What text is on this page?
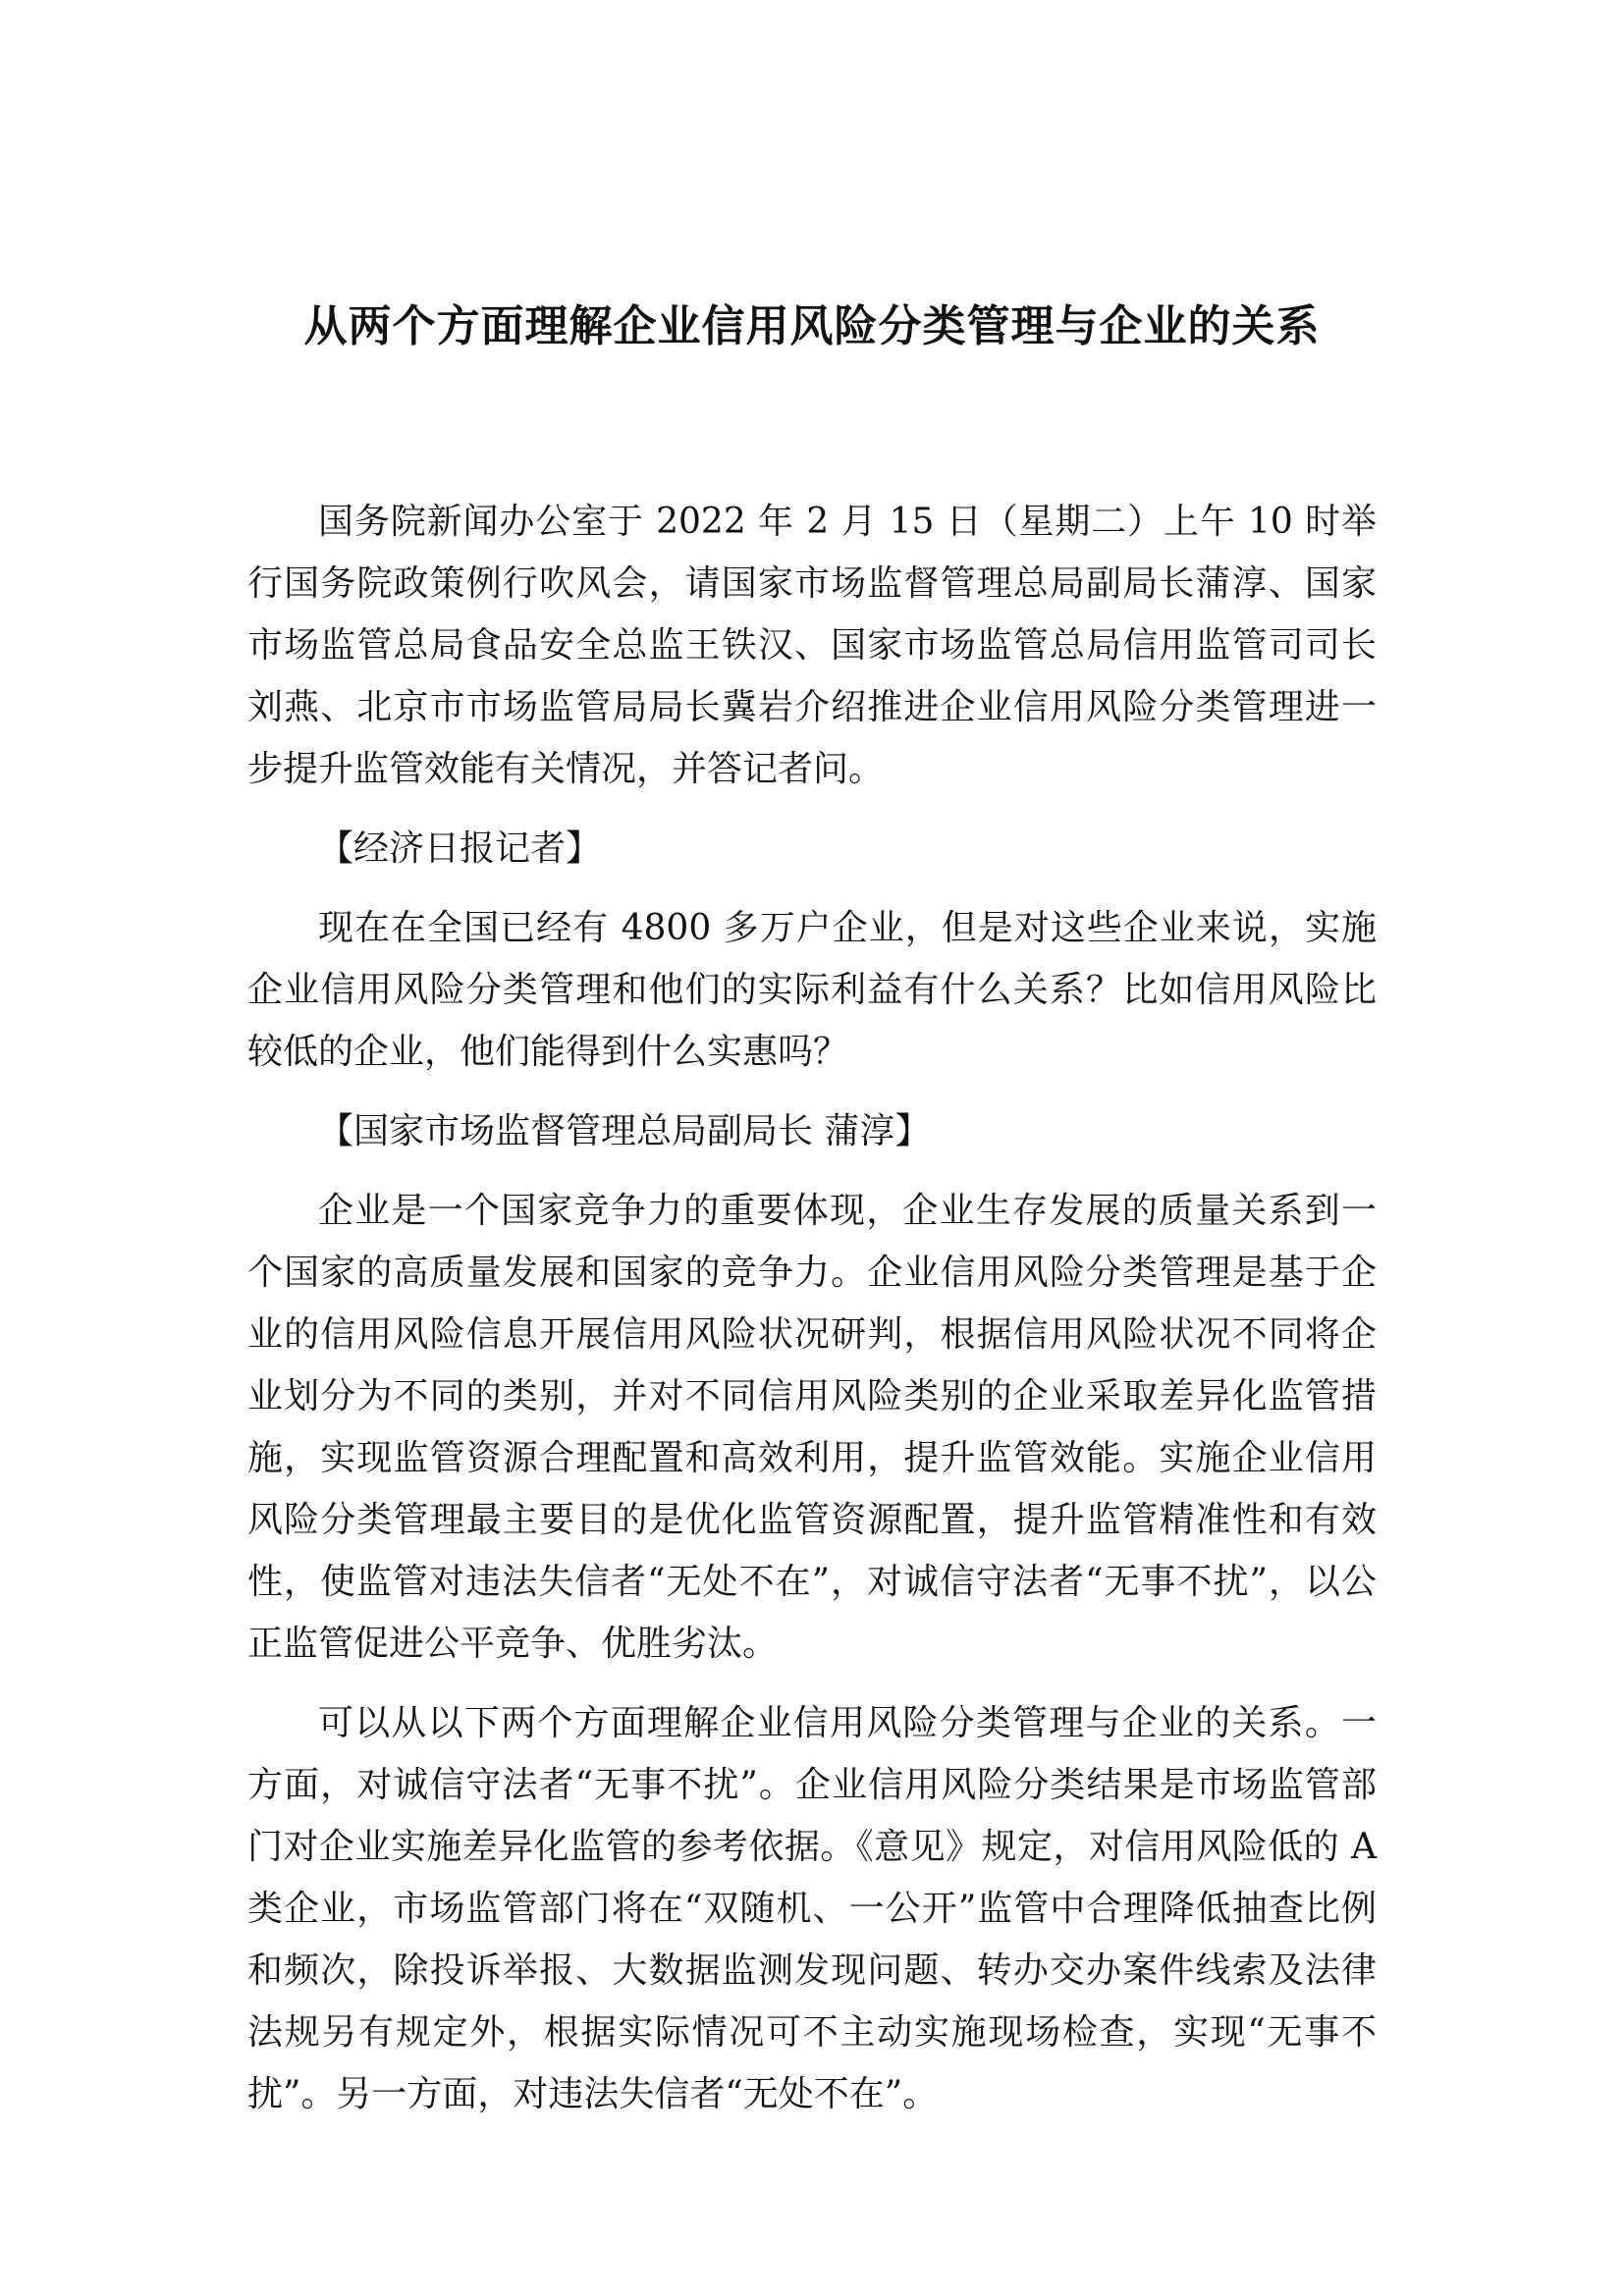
从两个方面理解企业信用风险分类管理与企业的关系

国务院新闻办公室于 2022 年 2 月 15 日（星期二）上午 10 时举行国务院政策例行吹风会，请国家市场监督管理总局副局长蒲淳、国家市场监管总局食品安全总监王铁汉、国家市场监管总局信用监管司司长刘燕、北京市市场监管局局长冀岩介绍推进企业信用风险分类管理进一步提升监管效能有关情况，并答记者问。

【经济日报记者】

现在在全国已经有 4800 多万户企业，但是对这些企业来说，实施企业信用风险分类管理和他们的实际利益有什么关系？比如信用风险比较低的企业，他们能得到什么实惠吗？

【国家市场监督管理总局副局长 蒲淳】

企业是一个国家竞争力的重要体现，企业生存发展的质量关系到一个国家的高质量发展和国家的竞争力。企业信用风险分类管理是基于企业的信用风险信息开展信用风险状况研判，根据信用风险状况不同将企业划分为不同的类别，并对不同信用风险类别的企业采取差异化监管措施，实现监管资源合理配置和高效利用，提升监管效能。实施企业信用风险分类管理最主要目的是优化监管资源配置，提升监管精准性和有效性，使监管对违法失信者“无处不在”，对诚信守法者“无事不扰”，以公正监管促进公平竞争、优胜劣汰。

可以从以下两个方面理解企业信用风险分类管理与企业的关系。一方面，对诚信守法者“无事不扰”。企业信用风险分类结果是市场监管部门对企业实施差异化监管的参考依据。《意见》规定，对信用风险低的 A 类企业，市场监管部门将在“双随机、一公开”监管中合理降低抽查比例和频次，除投诉举报、大数据监测发现问题、转办交办案件线索及法律法规另有规定外，根据实际情况可不主动实施现场检查，实现“无事不扰”。另一方面，对违法失信者“无处不在”。
